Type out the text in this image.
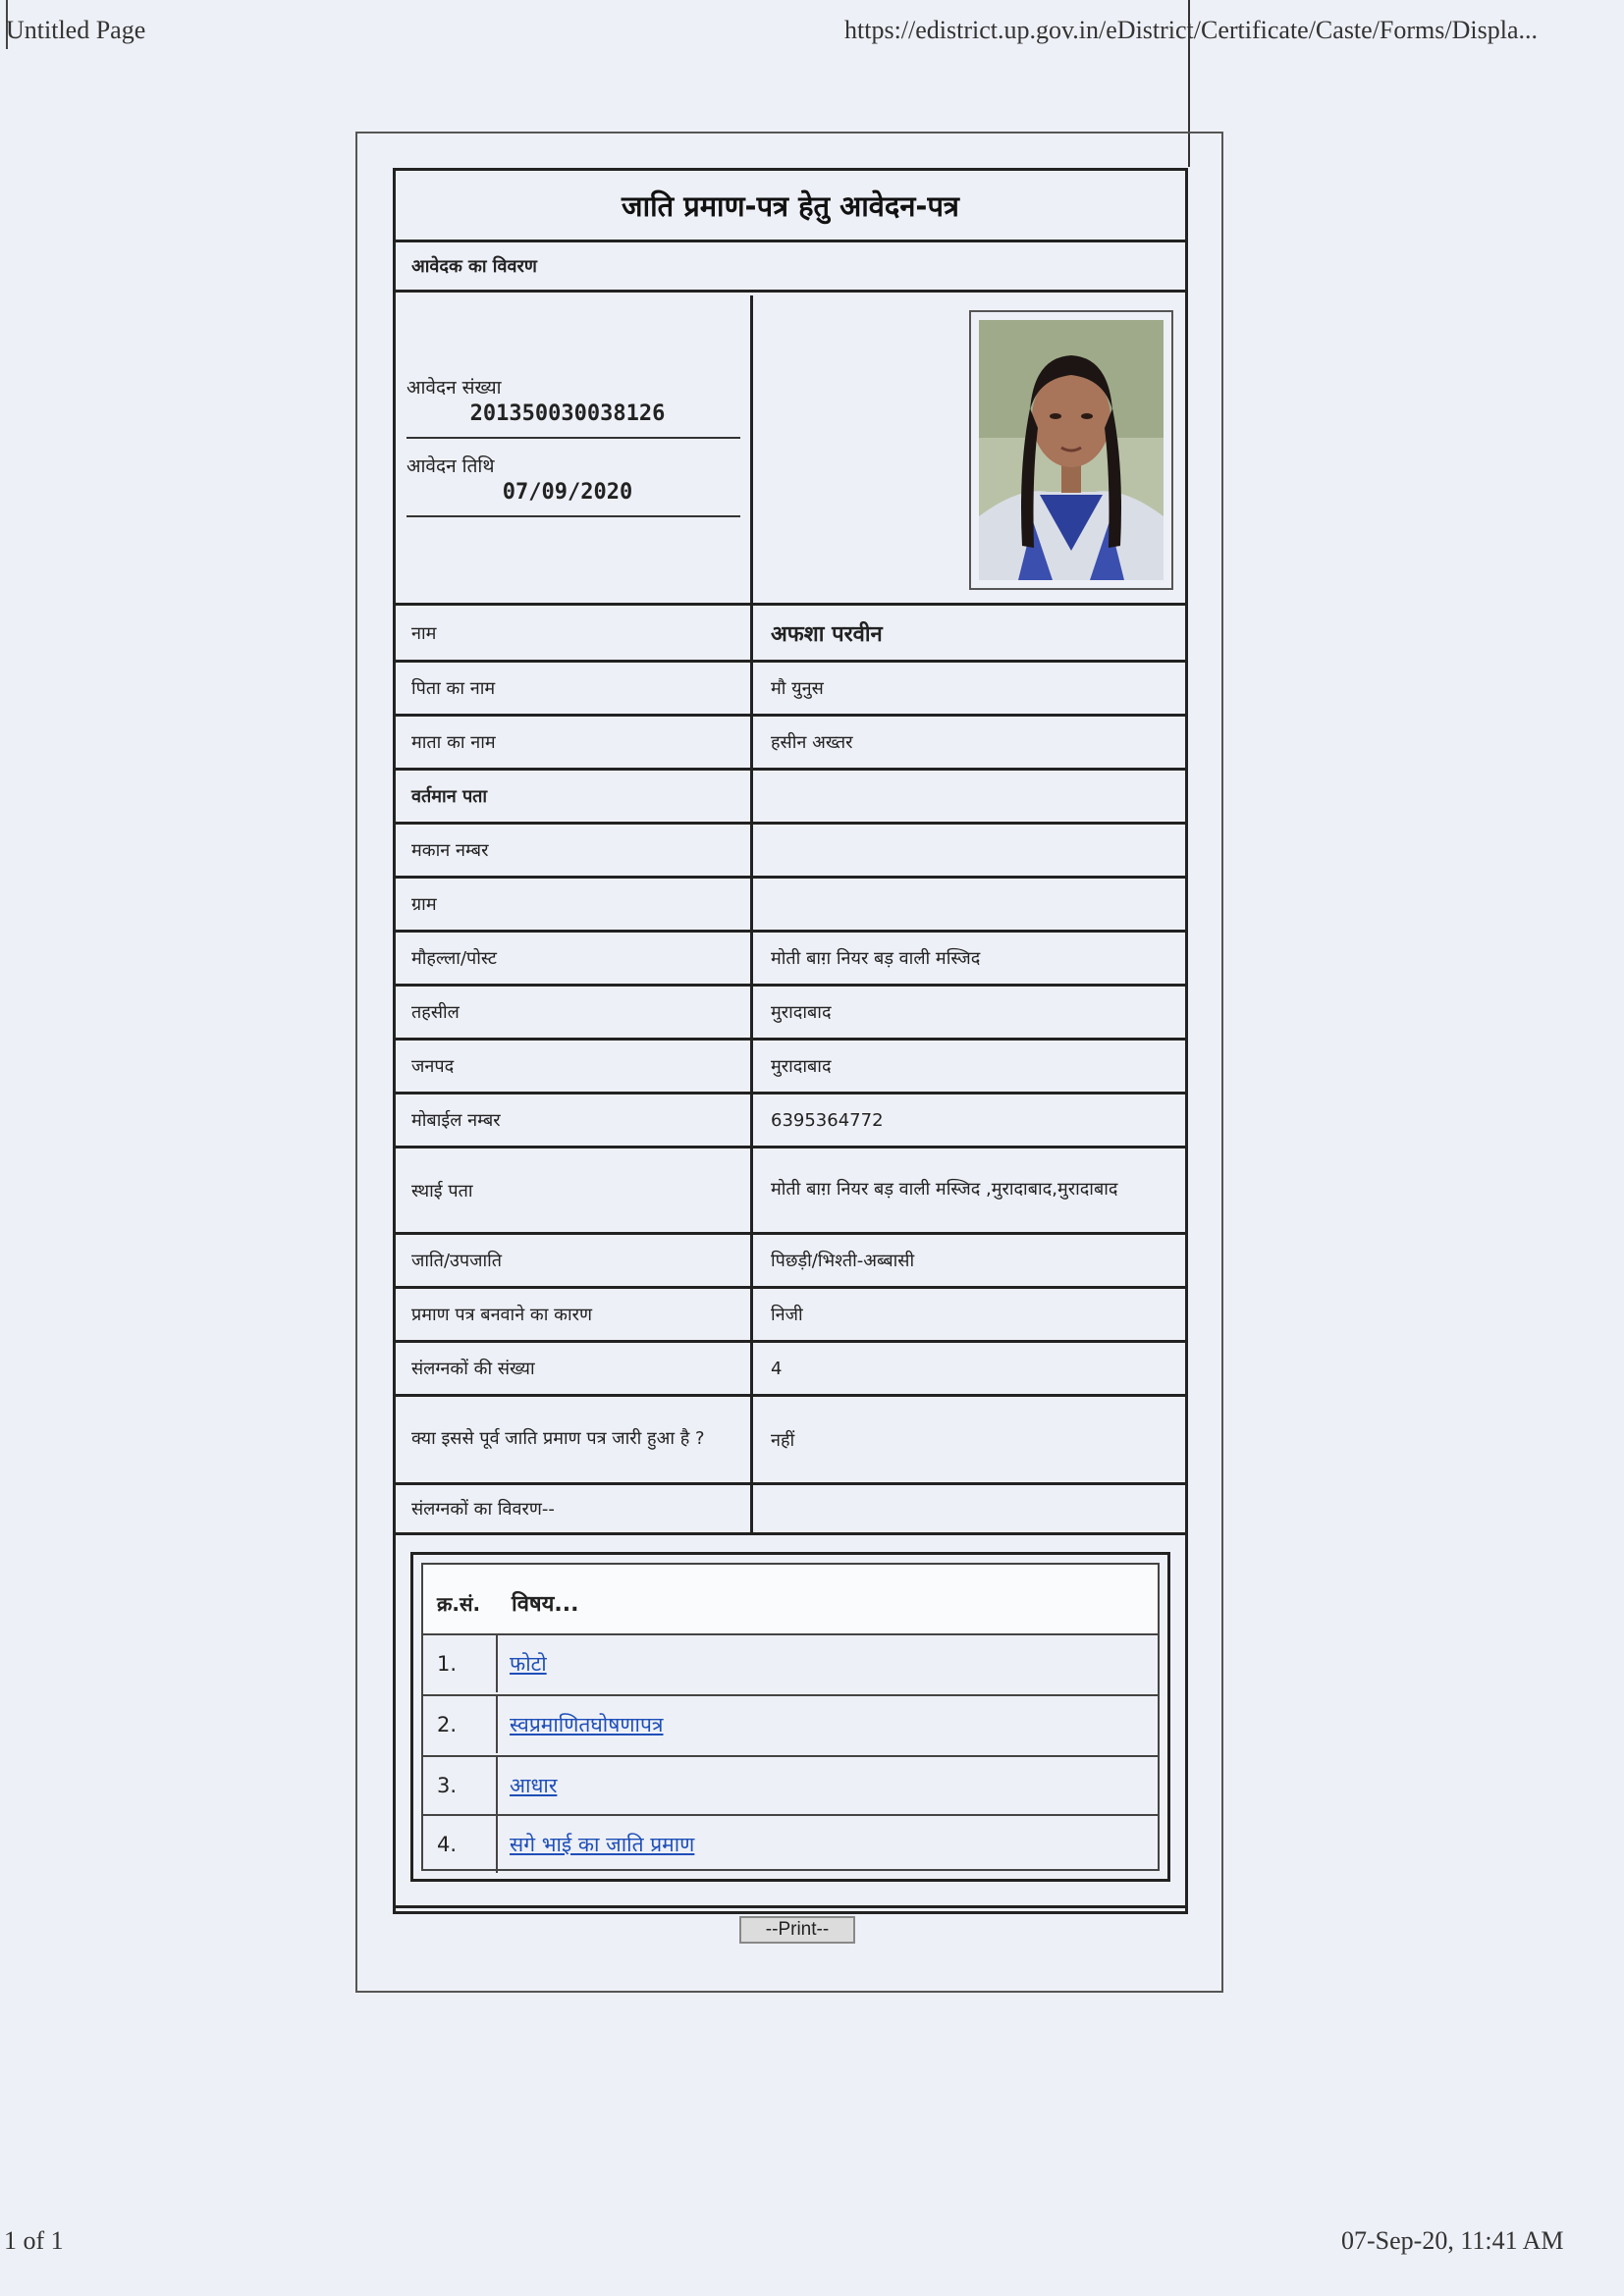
Untitled Page	https://edistrict.up.gov.in/eDistrict/Certificate/Caste/Forms/Displa...
जाति प्रमाण-पत्र हेतु आवेदन-पत्र
आवेदक का विवरण
आवेदन संख्या
201350030038126
आवेदन तिथि
07/09/2020
नाम	अफशा परवीन
पिता का नाम	मौ युनुस
माता का नाम	हसीन अख्तर
वर्तमान पता
मकान नम्बर
ग्राम
मौहल्ला/पोस्ट	मोती बाग़ नियर बड़ वाली मस्जिद
तहसील	मुरादाबाद
जनपद	मुरादाबाद
मोबाईल नम्बर	6395364772
स्थाई पता	मोती बाग़ नियर बड़ वाली मस्जिद ,मुरादाबाद,मुरादाबाद
जाति/उपजाति	पिछड़ी/भिश्ती-अब्बासी
प्रमाण पत्र बनवाने का कारण	निजी
संलग्नकों की संख्या	4
क्या इससे पूर्व जाति प्रमाण पत्र जारी हुआ है ?	नहीं
संलग्नकों का विवरण--
क्र.सं. विषय...
1.	फोटो
2.	स्वप्रमाणितघोषणापत्र
3.	आधार
4.	सगे भाई का जाति प्रमाण
--Print--
1 of 1	07-Sep-20, 11:41 AM
